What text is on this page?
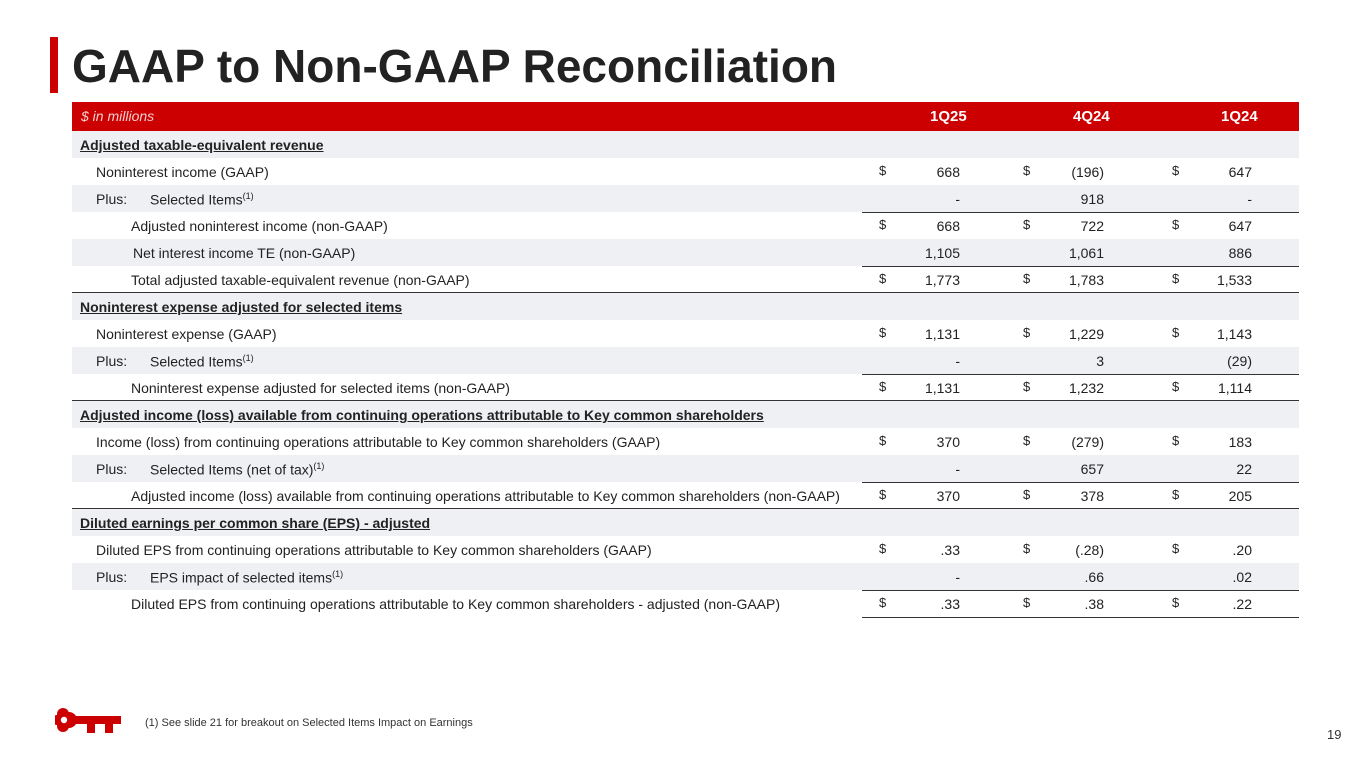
GAAP to Non-GAAP Reconciliation
$ in millions	1Q25	4Q24	1Q24
Adjusted taxable-equivalent revenue
Noninterest income (GAAP)	$	668	$	(196)	$	647
Plus: Selected Items$^{(1)}$	-	918	-
Adjusted noninterest income (non-GAAP)	$	668	$	722	$	647
Net interest income TE (non-GAAP)	1,105	1,061	886
Total adjusted taxable-equivalent revenue (non-GAAP)	$	1,773	$	1,783	$	1,533
Noninterest expense adjusted for selected items
Noninterest expense (GAAP)	$	1,131	$	1,229	$	1,143
Plus: Selected Items$^{(1)}$	-	3	(29)
Noninterest expense adjusted for selected items (non-GAAP)	$	1,131	$	1,232	$	1,114
Adjusted income (loss) available from continuing operations attributable to Key common shareholders
Income (loss) from continuing operations attributable to Key common shareholders (GAAP)	$	370	$	(279)	$	183
Plus: Selected Items (net of tax)$^{(1)}$	-	657	22
Adjusted income (loss) available from continuing operations attributable to Key common shareholders (non-GAAP)	$	370	$	378	$	205
Diluted earnings per common share (EPS) - adjusted
Diluted EPS from continuing operations attributable to Key common shareholders (GAAP)	$	.33	$	(.28)	$	.20
Plus: EPS impact of selected items$^{(1)}$	-	.66	.02
Diluted EPS from continuing operations attributable to Key common shareholders - adjusted (non-GAAP)	$	.33	$	.38	$	.22
(1) See slide 21 for breakout on Selected Items Impact on Earnings
19
